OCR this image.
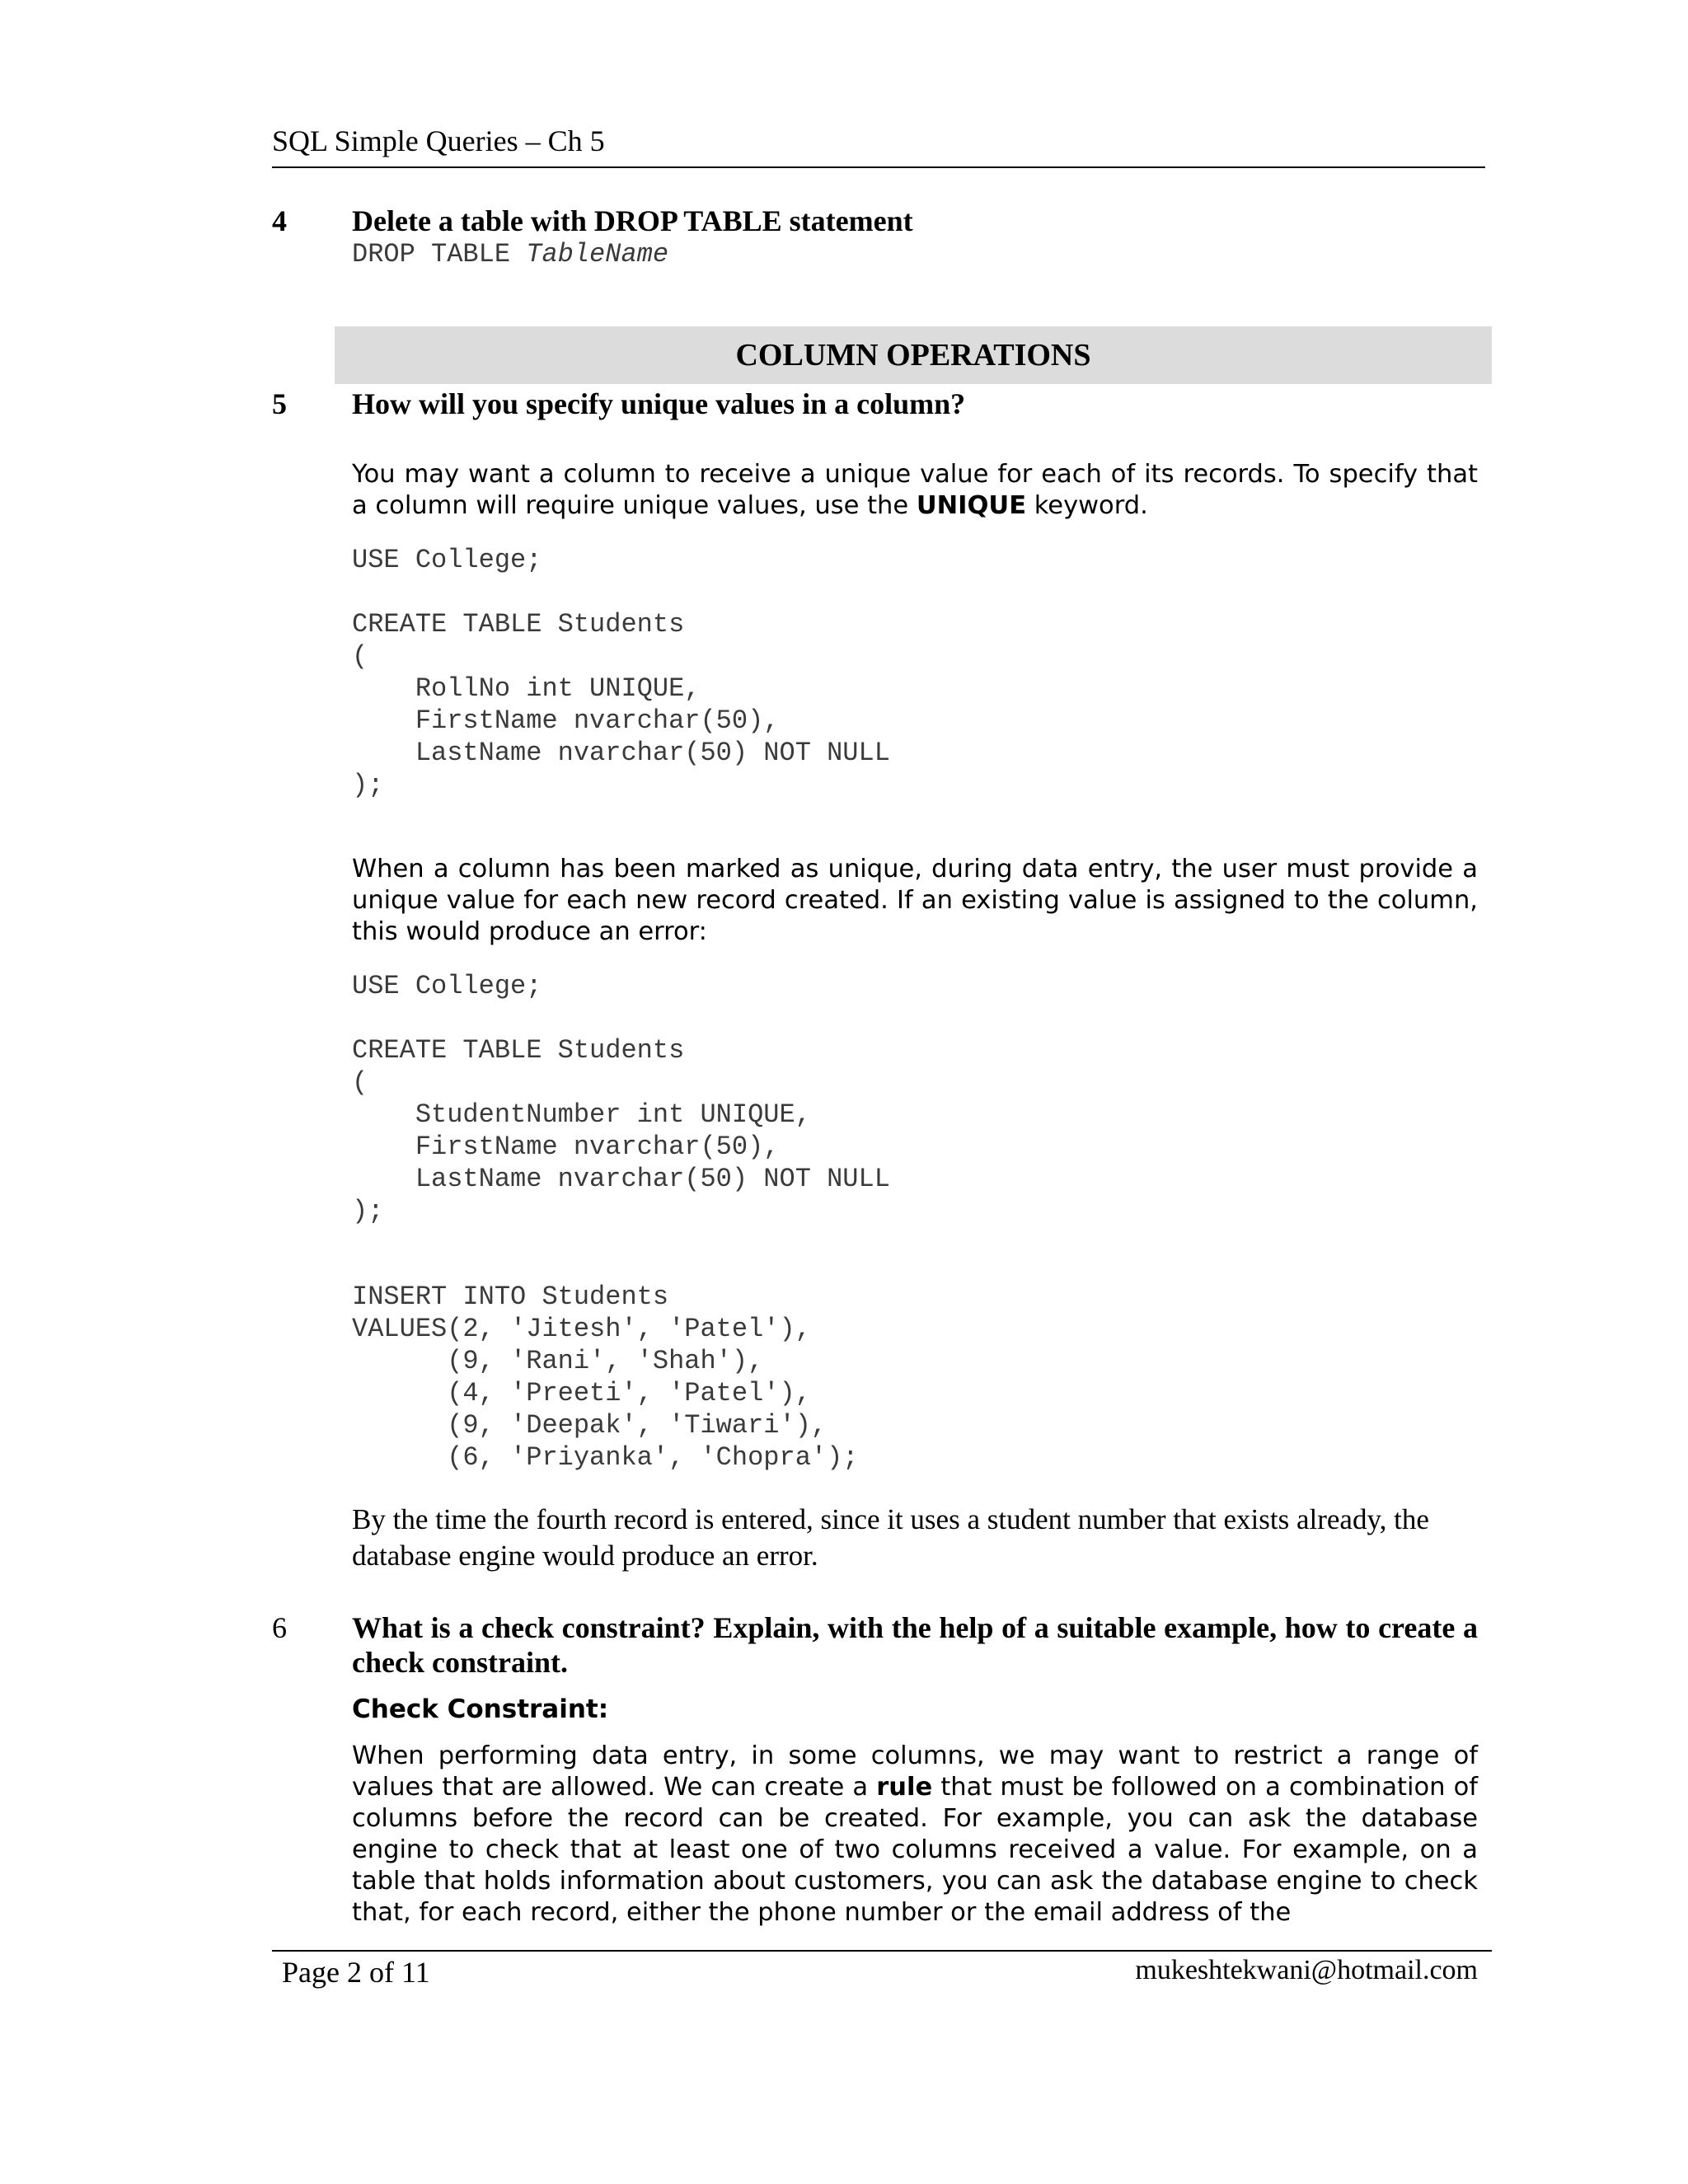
SQL Simple Queries – Ch 5
4 Delete a table with DROP TABLE statement
DROP TABLE TableName
COLUMN OPERATIONS
5 How will you specify unique values in a column?

You may want a column to receive a unique value for each of its records. To specify that a column will require unique values, use the UNIQUE keyword.

USE College;

CREATE TABLE Students
(
RollNo int UNIQUE,
FirstName nvarchar(50),
LastName nvarchar(50) NOT NULL
);

When a column has been marked as unique, during data entry, the user must provide a unique value for each new record created. If an existing value is assigned to the column, this would produce an error:

USE College;

CREATE TABLE Students
(
StudentNumber int UNIQUE,
FirstName nvarchar(50),
LastName nvarchar(50) NOT NULL
);
INSERT INTO Students
VALUES(2, 'Jitesh', 'Patel'),
(9, 'Rani', 'Shah'),
(4, 'Preeti', 'Patel'),
(9, 'Deepak', 'Tiwari'),
(6, 'Priyanka', 'Chopra');

By the time the fourth record is entered, since it uses a student number that exists already, the database engine would produce an error.

6 What is a check constraint? Explain, with the help of a suitable example, how to create a check constraint.

Check Constraint:

When performing data entry, in some columns, we may want to restrict a range of values that are allowed. We can create a rule that must be followed on a combination of columns before the record can be created. For example, you can ask the database engine to check that at least one of two columns received a value. For example, on a table that holds information about customers, you can ask the database engine to check that, for each record, either the phone number or the email address of the

Page 2 of 11	mukeshtekwani@hotmail.com
